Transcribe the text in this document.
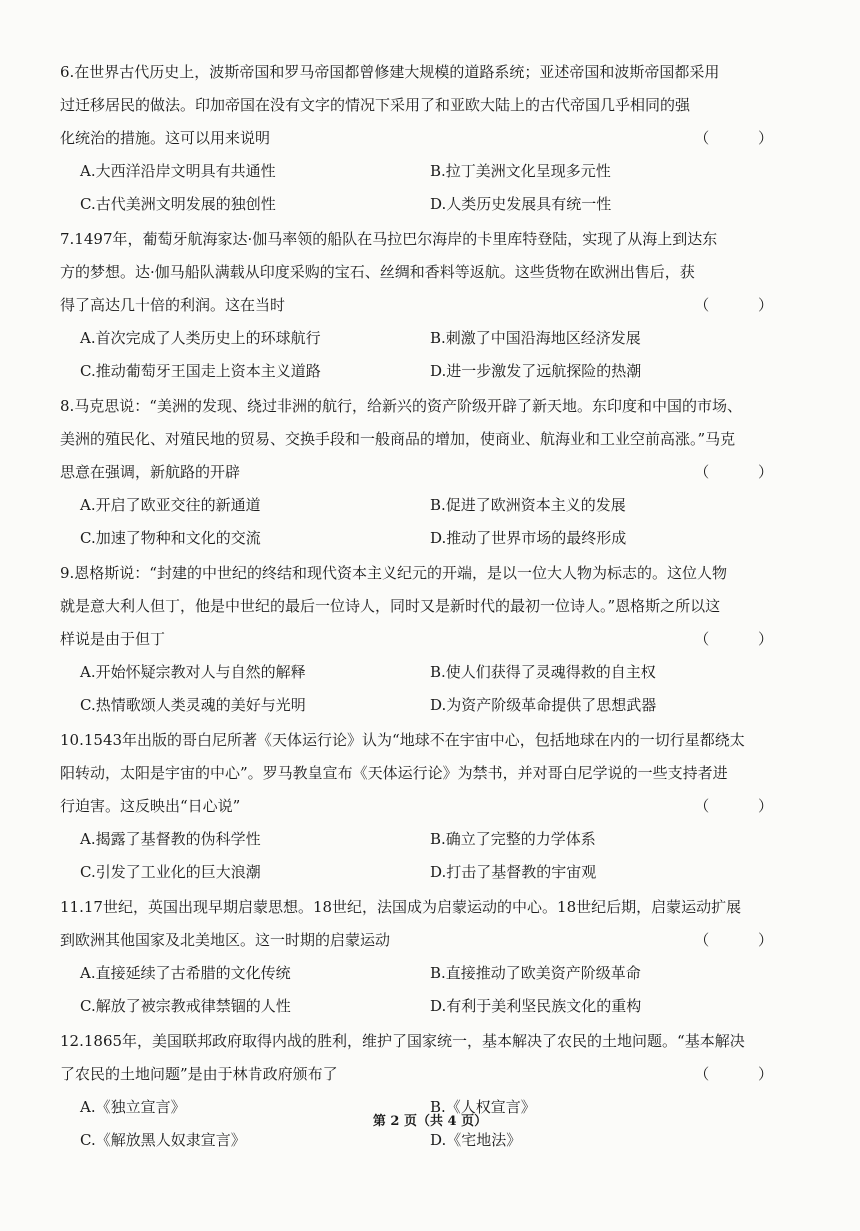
6.在世界古代历史上，波斯帝国和罗马帝国都曾修建大规模的道路系统；亚述帝国和波斯帝国都采用
过迁移居民的做法。印加帝国在没有文字的情况下采用了和亚欧大陆上的古代帝国几乎相同的强
化统治的措施。这可以用来说明	（ ）
A.大西洋沿岸文明具有共通性	B.拉丁美洲文化呈现多元性
C.古代美洲文明发展的独创性	D.人类历史发展具有统一性
7.1497年，葡萄牙航海家达·伽马率领的船队在马拉巴尔海岸的卡里库特登陆，实现了从海上到达东
方的梦想。达·伽马船队满载从印度采购的宝石、丝绸和香料等返航。这些货物在欧洲出售后，获
得了高达几十倍的利润。这在当时	（ ）
A.首次完成了人类历史上的环球航行	B.刺激了中国沿海地区经济发展
C.推动葡萄牙王国走上资本主义道路	D.进一步激发了远航探险的热潮
8.马克思说：“美洲的发现、绕过非洲的航行，给新兴的资产阶级开辟了新天地。东印度和中国的市场、
美洲的殖民化、对殖民地的贸易、交换手段和一般商品的增加，使商业、航海业和工业空前高涨。”马克
思意在强调，新航路的开辟	（ ）
A.开启了欧亚交往的新通道	B.促进了欧洲资本主义的发展
C.加速了物种和文化的交流	D.推动了世界市场的最终形成
9.恩格斯说：“封建的中世纪的终结和现代资本主义纪元的开端，是以一位大人物为标志的。这位人物
就是意大利人但丁，他是中世纪的最后一位诗人，同时又是新时代的最初一位诗人。”恩格斯之所以这
样说是由于但丁	（ ）
A.开始怀疑宗教对人与自然的解释	B.使人们获得了灵魂得救的自主权
C.热情歌颂人类灵魂的美好与光明	D.为资产阶级革命提供了思想武器
10.1543年出版的哥白尼所著《天体运行论》认为“地球不在宇宙中心，包括地球在内的一切行星都绕太
阳转动，太阳是宇宙的中心”。罗马教皇宣布《天体运行论》为禁书，并对哥白尼学说的一些支持者进
行迫害。这反映出“日心说”	（ ）
A.揭露了基督教的伪科学性	B.确立了完整的力学体系
C.引发了工业化的巨大浪潮	D.打击了基督教的宇宙观
11.17世纪，英国出现早期启蒙思想。18世纪，法国成为启蒙运动的中心。18世纪后期，启蒙运动扩展
到欧洲其他国家及北美地区。这一时期的启蒙运动	（ ）
A.直接延续了古希腊的文化传统	B.直接推动了欧美资产阶级革命
C.解放了被宗教戒律禁锢的人性	D.有利于美利坚民族文化的重构
12.1865年，美国联邦政府取得内战的胜利，维护了国家统一，基本解决了农民的土地问题。“基本解决
了农民的土地问题”是由于林肯政府颁布了	（ ）
A.《独立宣言》	B.《人权宣言》
C.《解放黑人奴隶宣言》	D.《宅地法》
第 2 页（共 4 页）
